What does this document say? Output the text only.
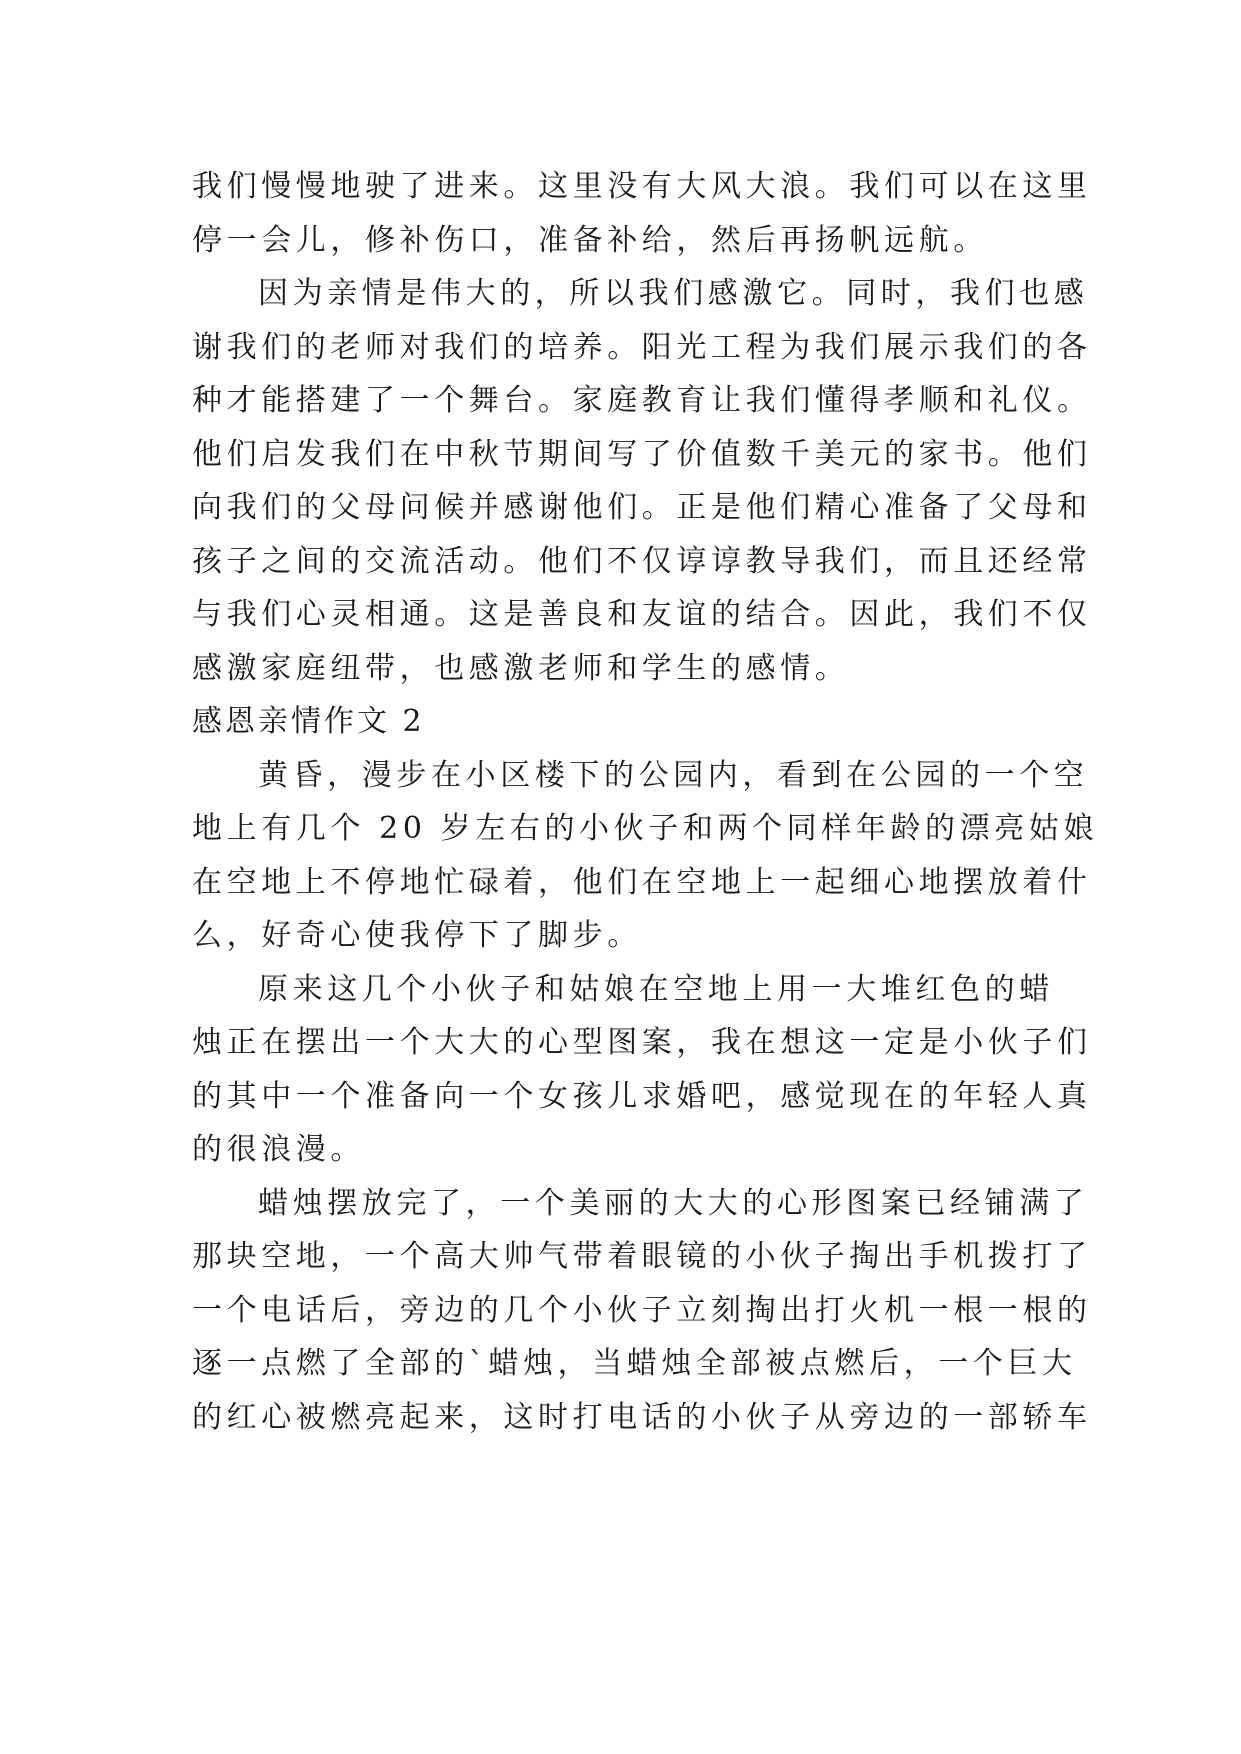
我们慢慢地驶了进来。这里没有大风大浪。我们可以在这里

停一会儿，修补伤口，准备补给，然后再扬帆远航。

因为亲情是伟大的，所以我们感激它。同时，我们也感

谢我们的老师对我们的培养。阳光工程为我们展示我们的各

种才能搭建了一个舞台。家庭教育让我们懂得孝顺和礼仪。

他们启发我们在中秋节期间写了价值数千美元的家书。他们

向我们的父母问候并感谢他们。正是他们精心准备了父母和

孩子之间的交流活动。他们不仅谆谆教导我们，而且还经常

与我们心灵相通。这是善良和友谊的结合。因此，我们不仅

感激家庭纽带，也感激老师和学生的感情。

感恩亲情作文 2

黄昏，漫步在小区楼下的公园内，看到在公园的一个空

地上有几个 20 岁左右的小伙子和两个同样年龄的漂亮姑娘

在空地上不停地忙碌着，他们在空地上一起细心地摆放着什

么，好奇心使我停下了脚步。

原来这几个小伙子和姑娘在空地上用一大堆红色的蜡

烛正在摆出一个大大的心型图案，我在想这一定是小伙子们

的其中一个准备向一个女孩儿求婚吧，感觉现在的年轻人真

的很浪漫。

蜡烛摆放完了，一个美丽的大大的心形图案已经铺满了

那块空地，一个高大帅气带着眼镜的小伙子掏出手机拨打了

一个电话后，旁边的几个小伙子立刻掏出打火机一根一根的

逐一点燃了全部的`蜡烛，当蜡烛全部被点燃后，一个巨大

的红心被燃亮起来，这时打电话的小伙子从旁边的一部轿车
